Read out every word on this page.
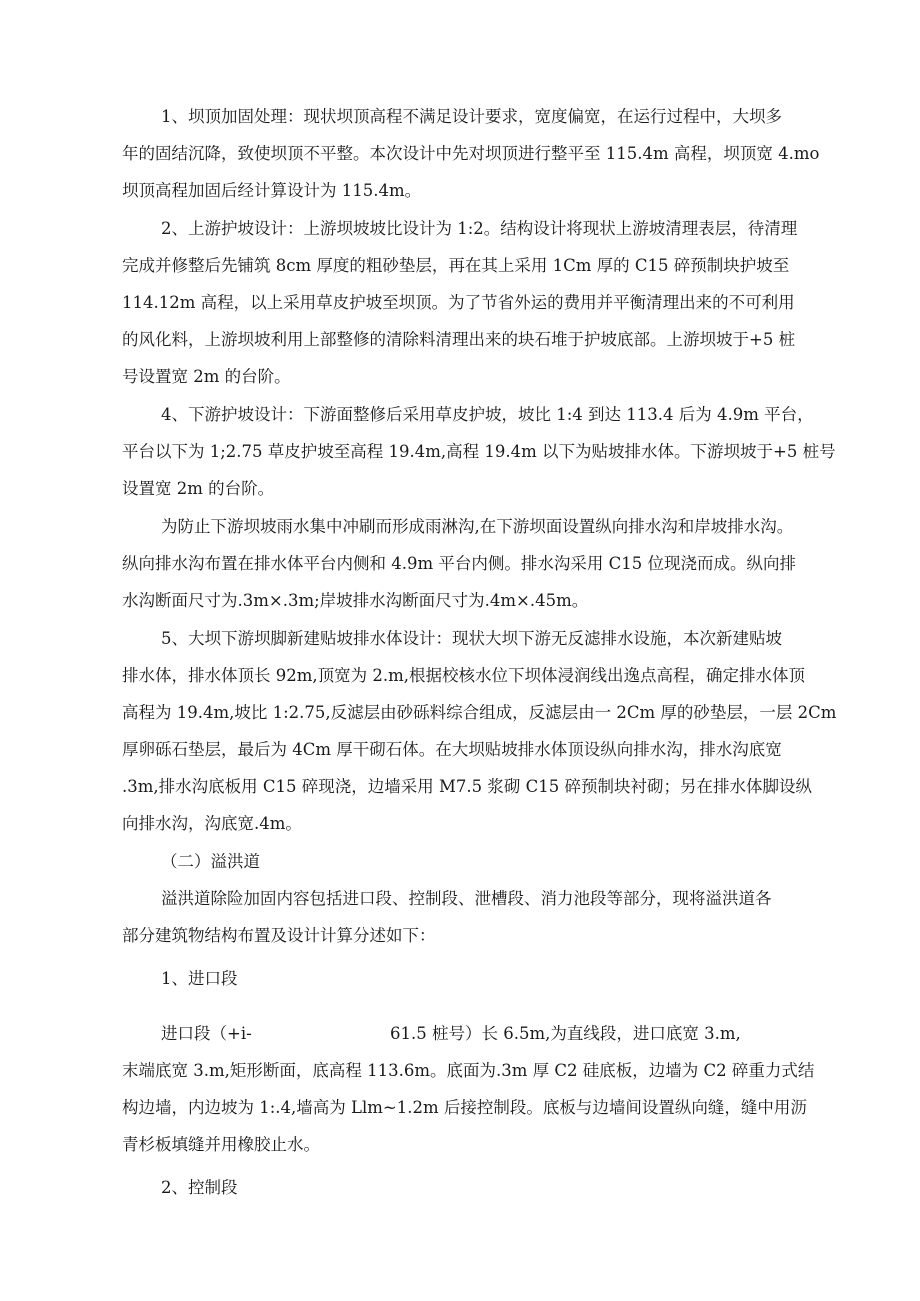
1、坝顶加固处理：现状坝顶高程不满足设计要求，宽度偏宽，在运行过程中，大坝多
年的固结沉降，致使坝顶不平整。本次设计中先对坝顶进行整平至 115.4m 高程，坝顶宽 4.mo
坝顶高程加固后经计算设计为 115.4m。
2、上游护坡设计：上游坝坡坡比设计为 1:2。结构设计将现状上游坡清理表层，待清理
完成并修整后先铺筑 8cm 厚度的粗砂垫层，再在其上采用 1Cm 厚的 C15 碎预制块护坡至
114.12m 高程，以上采用草皮护坡至坝顶。为了节省外运的费用并平衡清理出来的不可利用
的风化料，上游坝坡利用上部整修的清除料清理出来的块石堆于护坡底部。上游坝坡于+5 桩
号设置宽 2m 的台阶。
4、下游护坡设计：下游面整修后采用草皮护坡，坡比 1:4 到达 113.4 后为 4.9m 平台，
平台以下为 1;2.75 草皮护坡至高程 19.4m,高程 19.4m 以下为贴坡排水体。下游坝坡于+5 桩号
设置宽 2m 的台阶。
为防止下游坝坡雨水集中冲刷而形成雨淋沟,在下游坝面设置纵向排水沟和岸坡排水沟。
纵向排水沟布置在排水体平台内侧和 4.9m 平台内侧。排水沟采用 C15 位现浇而成。纵向排
水沟断面尺寸为.3m×.3m;岸坡排水沟断面尺寸为.4m×.45m。
5、大坝下游坝脚新建贴坡排水体设计：现状大坝下游无反滤排水设施，本次新建贴坡
排水体，排水体顶长 92m,顶宽为 2.m,根据校核水位下坝体浸润线出逸点高程，确定排水体顶
高程为 19.4m,坡比 1:2.75,反滤层由砂砾料综合组成，反滤层由一 2Cm 厚的砂垫层，一层 2Cm
厚卵砾石垫层，最后为 4Cm 厚干砌石体。在大坝贴坡排水体顶设纵向排水沟，排水沟底宽
.3m,排水沟底板用 C15 碎现浇，边墙采用 M7.5 浆砌 C15 碎预制块衬砌；另在排水体脚设纵
向排水沟，沟底宽.4m。
（二）溢洪道
溢洪道除险加固内容包括进口段、控制段、泄槽段、消力池段等部分，现将溢洪道各
部分建筑物结构布置及设计计算分述如下：
1、进口段
进口段（+i-	61.5 桩号）长 6.5m,为直线段，进口底宽 3.m,
末端底宽 3.m,矩形断面，底高程 113.6m。底面为.3m 厚 C2 硅底板，边墙为 C2 碎重力式结
构边墙，内边坡为 1:.4,墙高为 Llm~1.2m 后接控制段。底板与边墙间设置纵向缝，缝中用沥
青杉板填缝并用橡胶止水。
2、控制段
